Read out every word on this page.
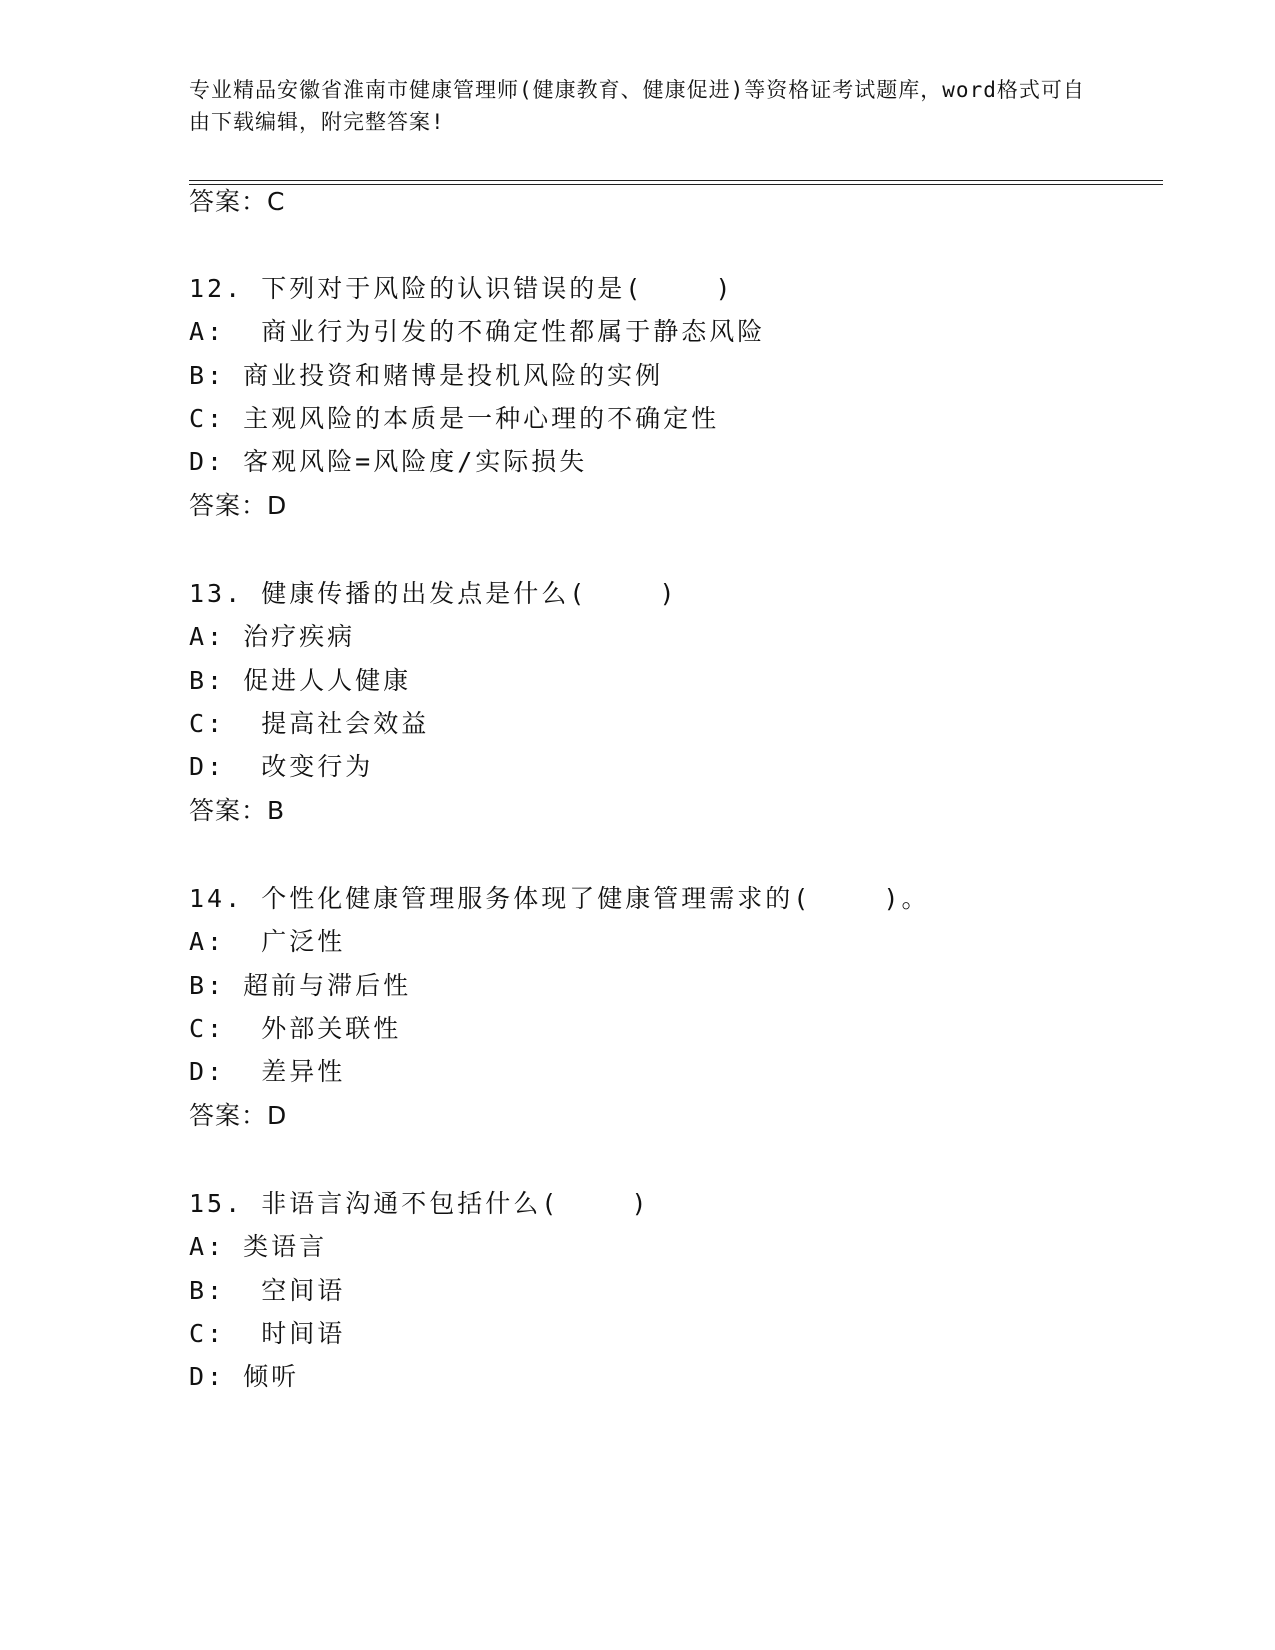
专业精品安徽省淮南市健康管理师(健康教育、健康促进)等资格证考试题库，word格式可自由下载编辑，附完整答案!
答案：C
12. 下列对于风险的认识错误的是(    )
A:  商业行为引发的不确定性都属于静态风险
B: 商业投资和赌博是投机风险的实例
C: 主观风险的本质是一种心理的不确定性
D: 客观风险=风险度/实际损失
答案：D
13. 健康传播的出发点是什么(    )
A: 治疗疾病
B: 促进人人健康
C:  提高社会效益
D:  改变行为
答案：B
14. 个性化健康管理服务体现了健康管理需求的(    )。
A:  广泛性
B: 超前与滞后性
C:  外部关联性
D:  差异性
答案：D
15. 非语言沟通不包括什么(    )
A: 类语言
B:  空间语
C:  时间语
D: 倾听
